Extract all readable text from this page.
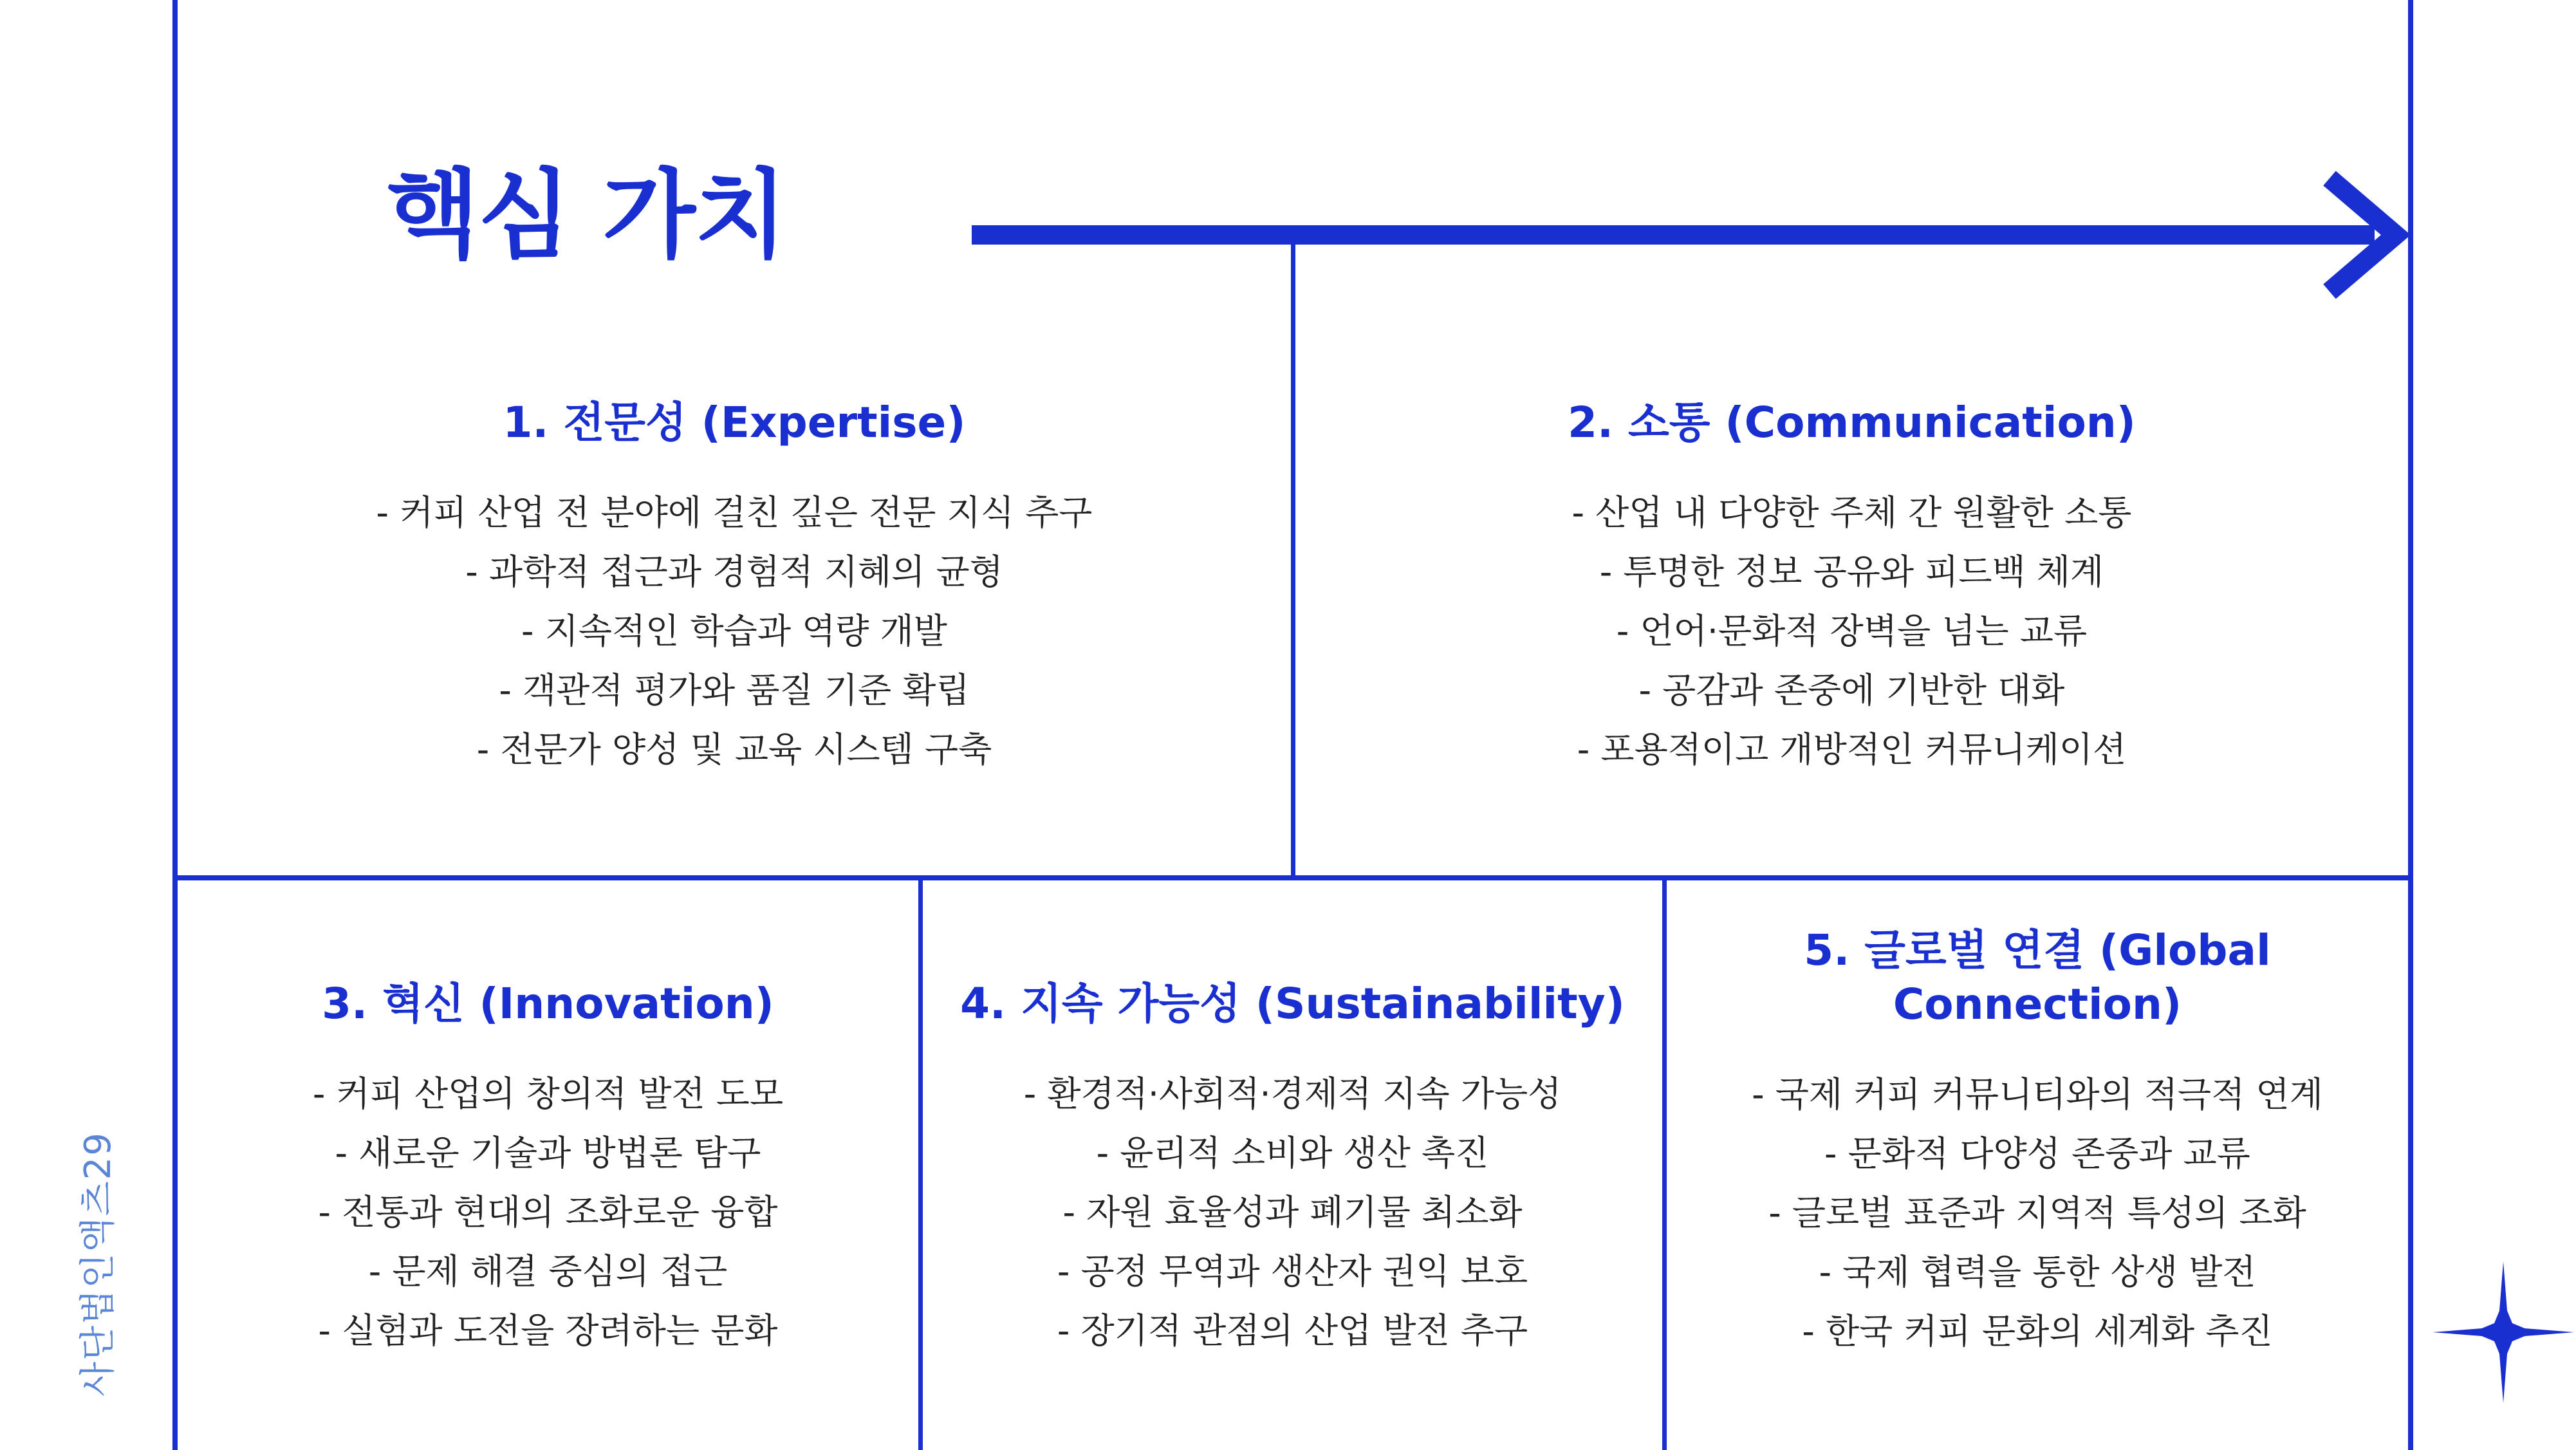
핵심 가치
1. 전문성 (Expertise)
- 커피 산업 전 분야에 걸친 깊은 전문 지식 추구
- 과학적 접근과 경험적 지혜의 균형
- 지속적인 학습과 역량 개발
- 객관적 평가와 품질 기준 확립
- 전문가 양성 및 교육 시스템 구축
2. 소통 (Communication)
- 산업 내 다양한 주체 간 원활한 소통
- 투명한 정보 공유와 피드백 체계
- 언어·문화적 장벽을 넘는 교류
- 공감과 존중에 기반한 대화
- 포용적이고 개방적인 커뮤니케이션
3. 혁신 (Innovation)
- 커피 산업의 창의적 발전 도모
- 새로운 기술과 방법론 탐구
- 전통과 현대의 조화로운 융합
- 문제 해결 중심의 접근
- 실험과 도전을 장려하는 문화
4. 지속 가능성 (Sustainability)
- 환경적·사회적·경제적 지속 가능성
- 윤리적 소비와 생산 촉진
- 자원 효율성과 폐기물 최소화
- 공정 무역과 생산자 권익 보호
- 장기적 관점의 산업 발전 추구
5. 글로벌 연결 (Global
Connection)
- 국제 커피 커뮤니티와의 적극적 연계
- 문화적 다양성 존중과 교류
- 글로벌 표준과 지역적 특성의 조화
- 국제 협력을 통한 상생 발전
- 한국 커피 문화의 세계화 추진
사단법인액츠29
